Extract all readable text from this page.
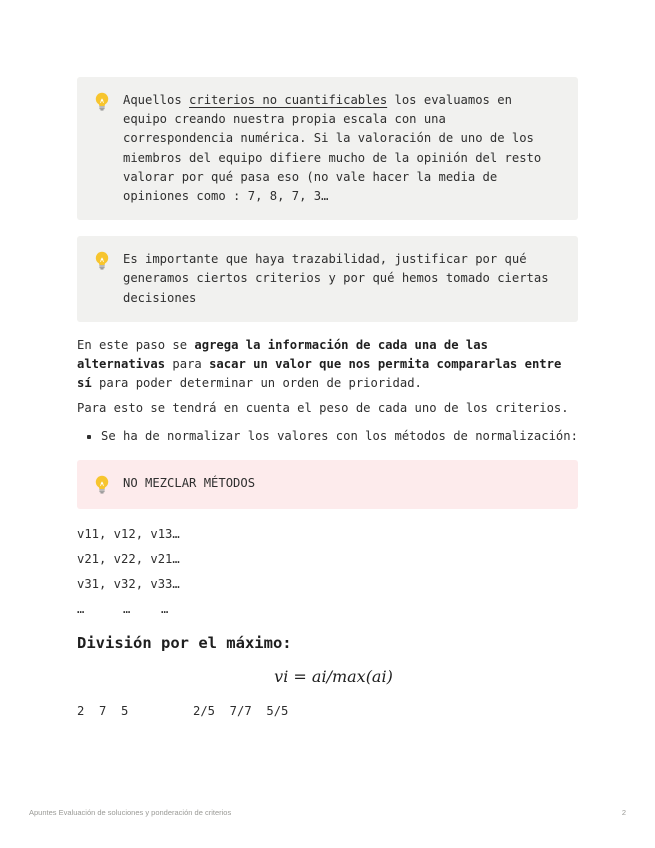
Aquellos criterios no cuantificables los evaluamos en equipo creando nuestra propia escala con una correspondencia numérica. Si la valoración de uno de los miembros del equipo difiere mucho de la opinión del resto valorar por qué pasa eso (no vale hacer la media de opiniones como : 7, 8, 7, 3…
Es importante que haya trazabilidad, justificar por qué generamos ciertos criterios y por qué hemos tomado ciertas decisiones

En este paso se agrega la información de cada una de las alternativas para sacar un valor que nos permita compararlas entre sí para poder determinar un orden de prioridad.

Para esto se tendrá en cuenta el peso de cada uno de los criterios.

Se ha de normalizar los valores con los métodos de normalización:
NO MEZCLAR MÉTODOS

v11, v12, v13…

v21, v22, v21…

v31, v32, v33…

…	…	…
División por el máximo:
vi = ai/max(ai)
2  7  5	2/5  7/7  5/5
Apuntes Evaluación de soluciones y ponderación de criterios	2
